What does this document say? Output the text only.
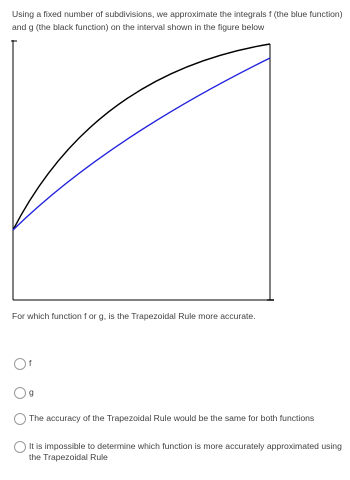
Using a fixed number of subdivisions, we approximate the integrals f (the blue function) and g (the black function) on the interval shown in the figure below
For which function f or g, is the Trapezoidal Rule more accurate.
f
g
The accuracy of the Trapezoidal Rule would be the same for both functions
It is impossible to determine which function is more accurately approximated using the Trapezoidal Rule
